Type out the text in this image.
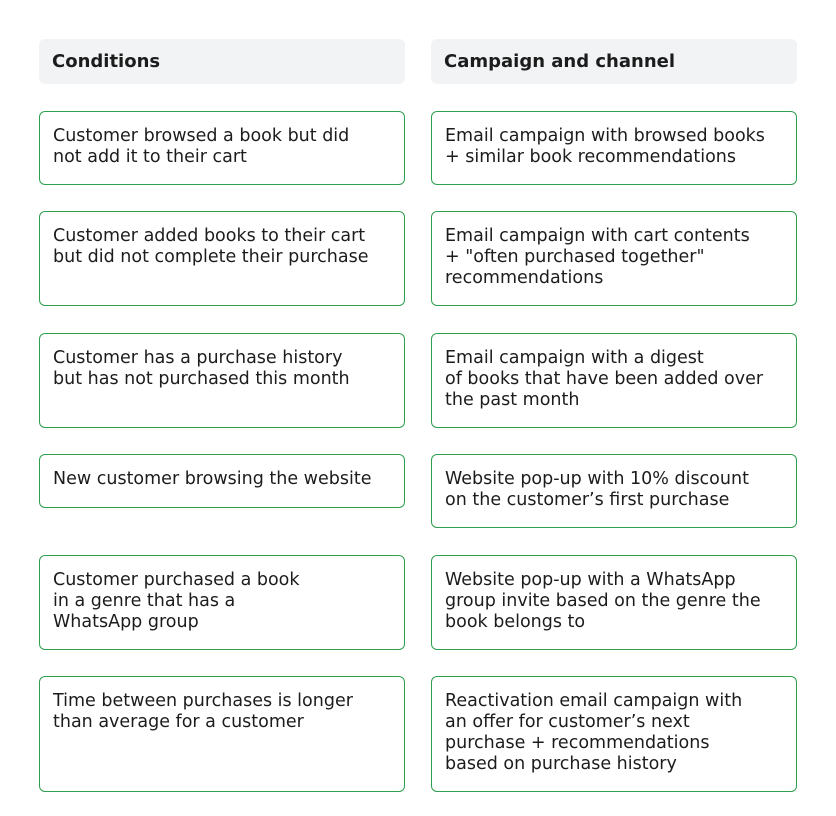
Conditions	Campaign and channel
Customer browsed a book but did
not add it to their cart
Email campaign with browsed books
+ similar book recommendations
Customer added books to their cart
but did not complete their purchase
Email campaign with cart contents
+ "often purchased together"
recommendations
Customer has a purchase history
but has not purchased this month
Email campaign with a digest
of books that have been added over
the past month
New customer browsing the website	Website pop-up with 10% discount
on the customer’s first purchase
Customer purchased a book
in a genre that has a
WhatsApp group
Website pop-up with a WhatsApp
group invite based on the genre the
book belongs to
Time between purchases is longer
than average for a customer
Reactivation email campaign with
an offer for customer’s next
purchase + recommendations
based on purchase history
